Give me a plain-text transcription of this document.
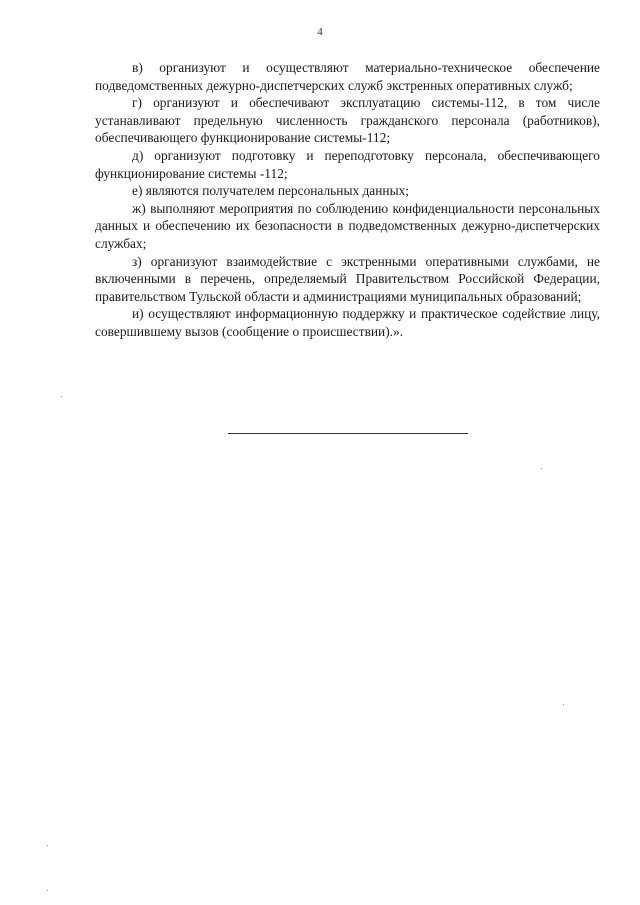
4

в) организуют и осуществляют материально-техническое обеспечение подведомственных дежурно-диспетчерских служб экстренных оперативных служб;

г) организуют и обеспечивают эксплуатацию системы-112, в том числе устанавливают предельную численность гражданского персонала (работников), обеспечивающего функционирование системы-112;

д) организуют подготовку и переподготовку персонала, обеспечивающего функционирование системы -112;

е) являются получателем персональных данных;

ж) выполняют мероприятия по соблюдению конфиденциальности персональных данных и обеспечению их безопасности в подведомственных дежурно-диспетчерских службах;

з) организуют взаимодействие с экстренными оперативными службами, не включенными в перечень, определяемый Правительством Российской Федерации, правительством Тульской области и администрациями муниципальных образований;

и) осуществляют информационную поддержку и практическое содействие лицу, совершившему вызов (сообщение о происшествии).».
